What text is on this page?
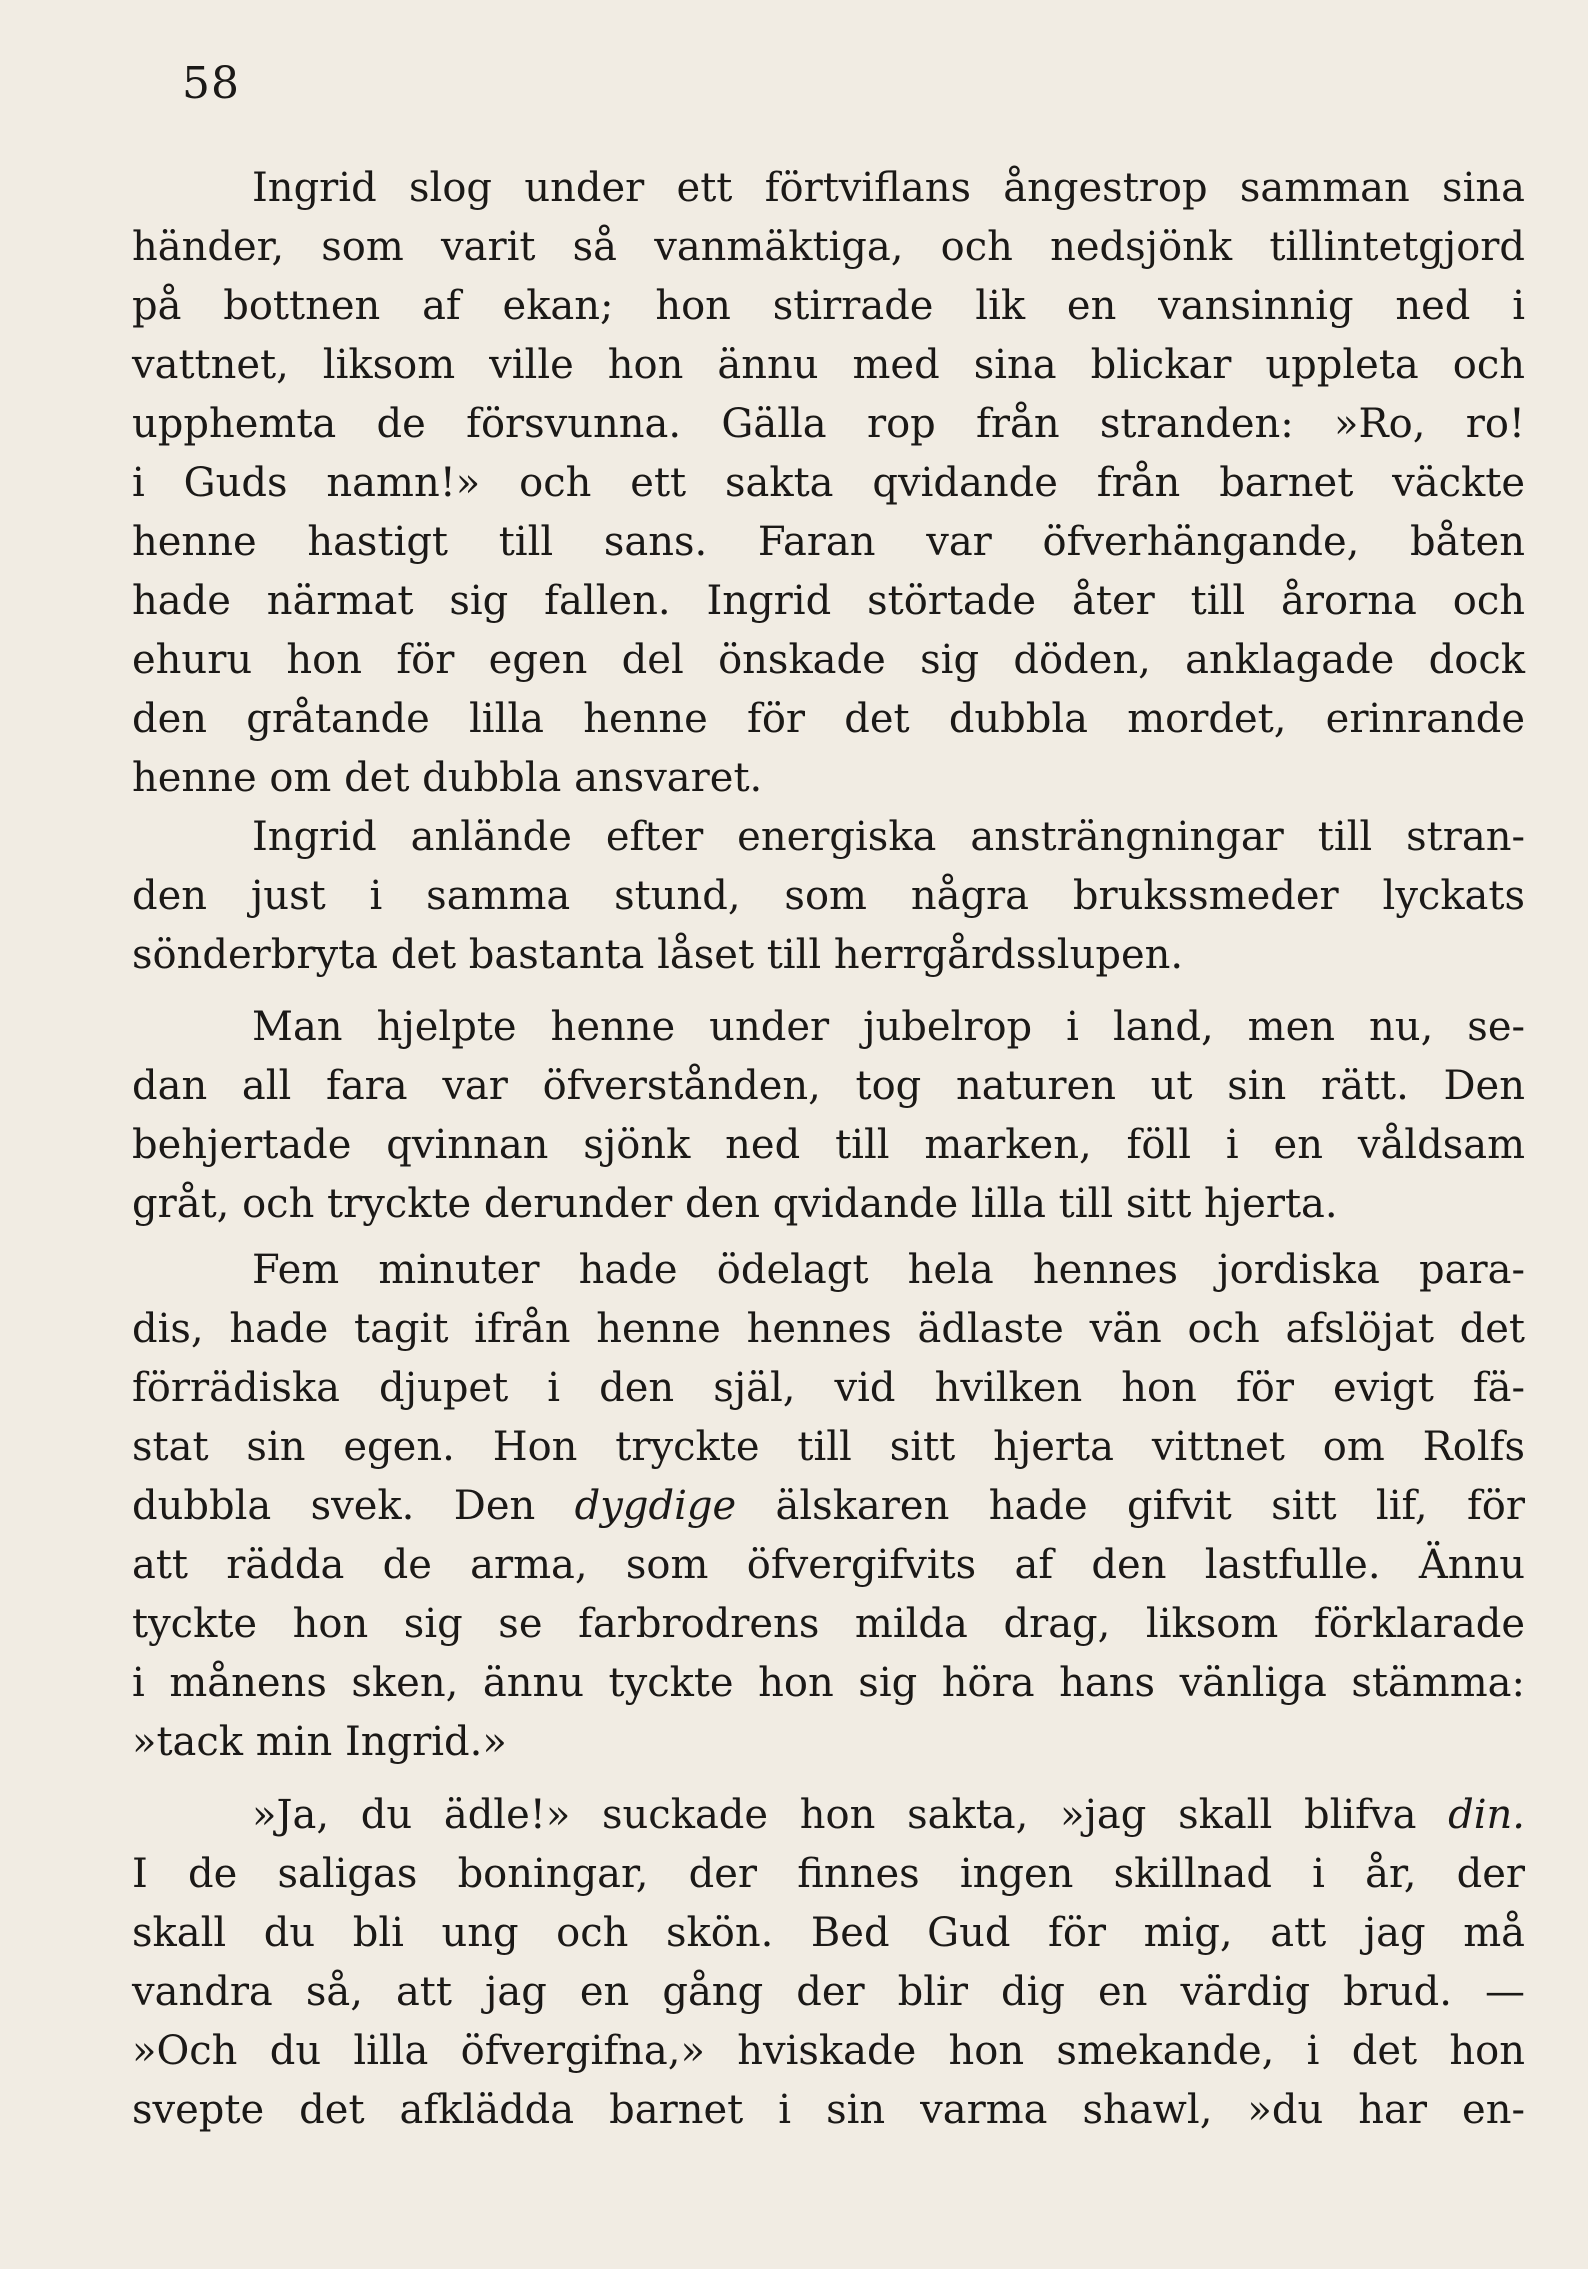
58
Ingrid slog under ett förtviflans ångestrop samman sina
händer, som varit så vanmäktiga, och nedsjönk tillintetgjord
på bottnen af ekan; hon stirrade lik en vansinnig ned i
vattnet, liksom ville hon ännu med sina blickar uppleta och
upphemta de försvunna. Gälla rop från stranden: »Ro, ro!
i Guds namn!» och ett sakta qvidande från barnet väckte
henne hastigt till sans. Faran var öfverhängande, båten
hade närmat sig fallen. Ingrid störtade åter till årorna och
ehuru hon för egen del önskade sig döden, anklagade dock
den gråtande lilla henne för det dubbla mordet, erinrande
henne om det dubbla ansvaret.
Ingrid anlände efter energiska ansträngningar till stran-
den just i samma stund, som några brukssmeder lyckats
sönderbryta det bastanta låset till herrgårdsslupen.
Man hjelpte henne under jubelrop i land, men nu, se-
dan all fara var öfverstånden, tog naturen ut sin rätt. Den
behjertade qvinnan sjönk ned till marken, föll i en våldsam
gråt, och tryckte derunder den qvidande lilla till sitt hjerta.
Fem minuter hade ödelagt hela hennes jordiska para-
dis, hade tagit ifrån henne hennes ädlaste vän och afslöjat det
förrädiska djupet i den själ, vid hvilken hon för evigt fä-
stat sin egen. Hon tryckte till sitt hjerta vittnet om Rolfs
dubbla svek. Den dygdige älskaren hade gifvit sitt lif, för
att rädda de arma, som öfvergifvits af den lastfulle. Ännu
tyckte hon sig se farbrodrens milda drag, liksom förklarade
i månens sken, ännu tyckte hon sig höra hans vänliga stämma:
»tack min Ingrid.»
»Ja, du ädle!» suckade hon sakta, »jag skall blifva din.
I de saligas boningar, der finnes ingen skillnad i år, der
skall du bli ung och skön. Bed Gud för mig, att jag må
vandra så, att jag en gång der blir dig en värdig brud. —
»Och du lilla öfvergifna,» hviskade hon smekande, i det hon
svepte det afklädda barnet i sin varma shawl, »du har en-
